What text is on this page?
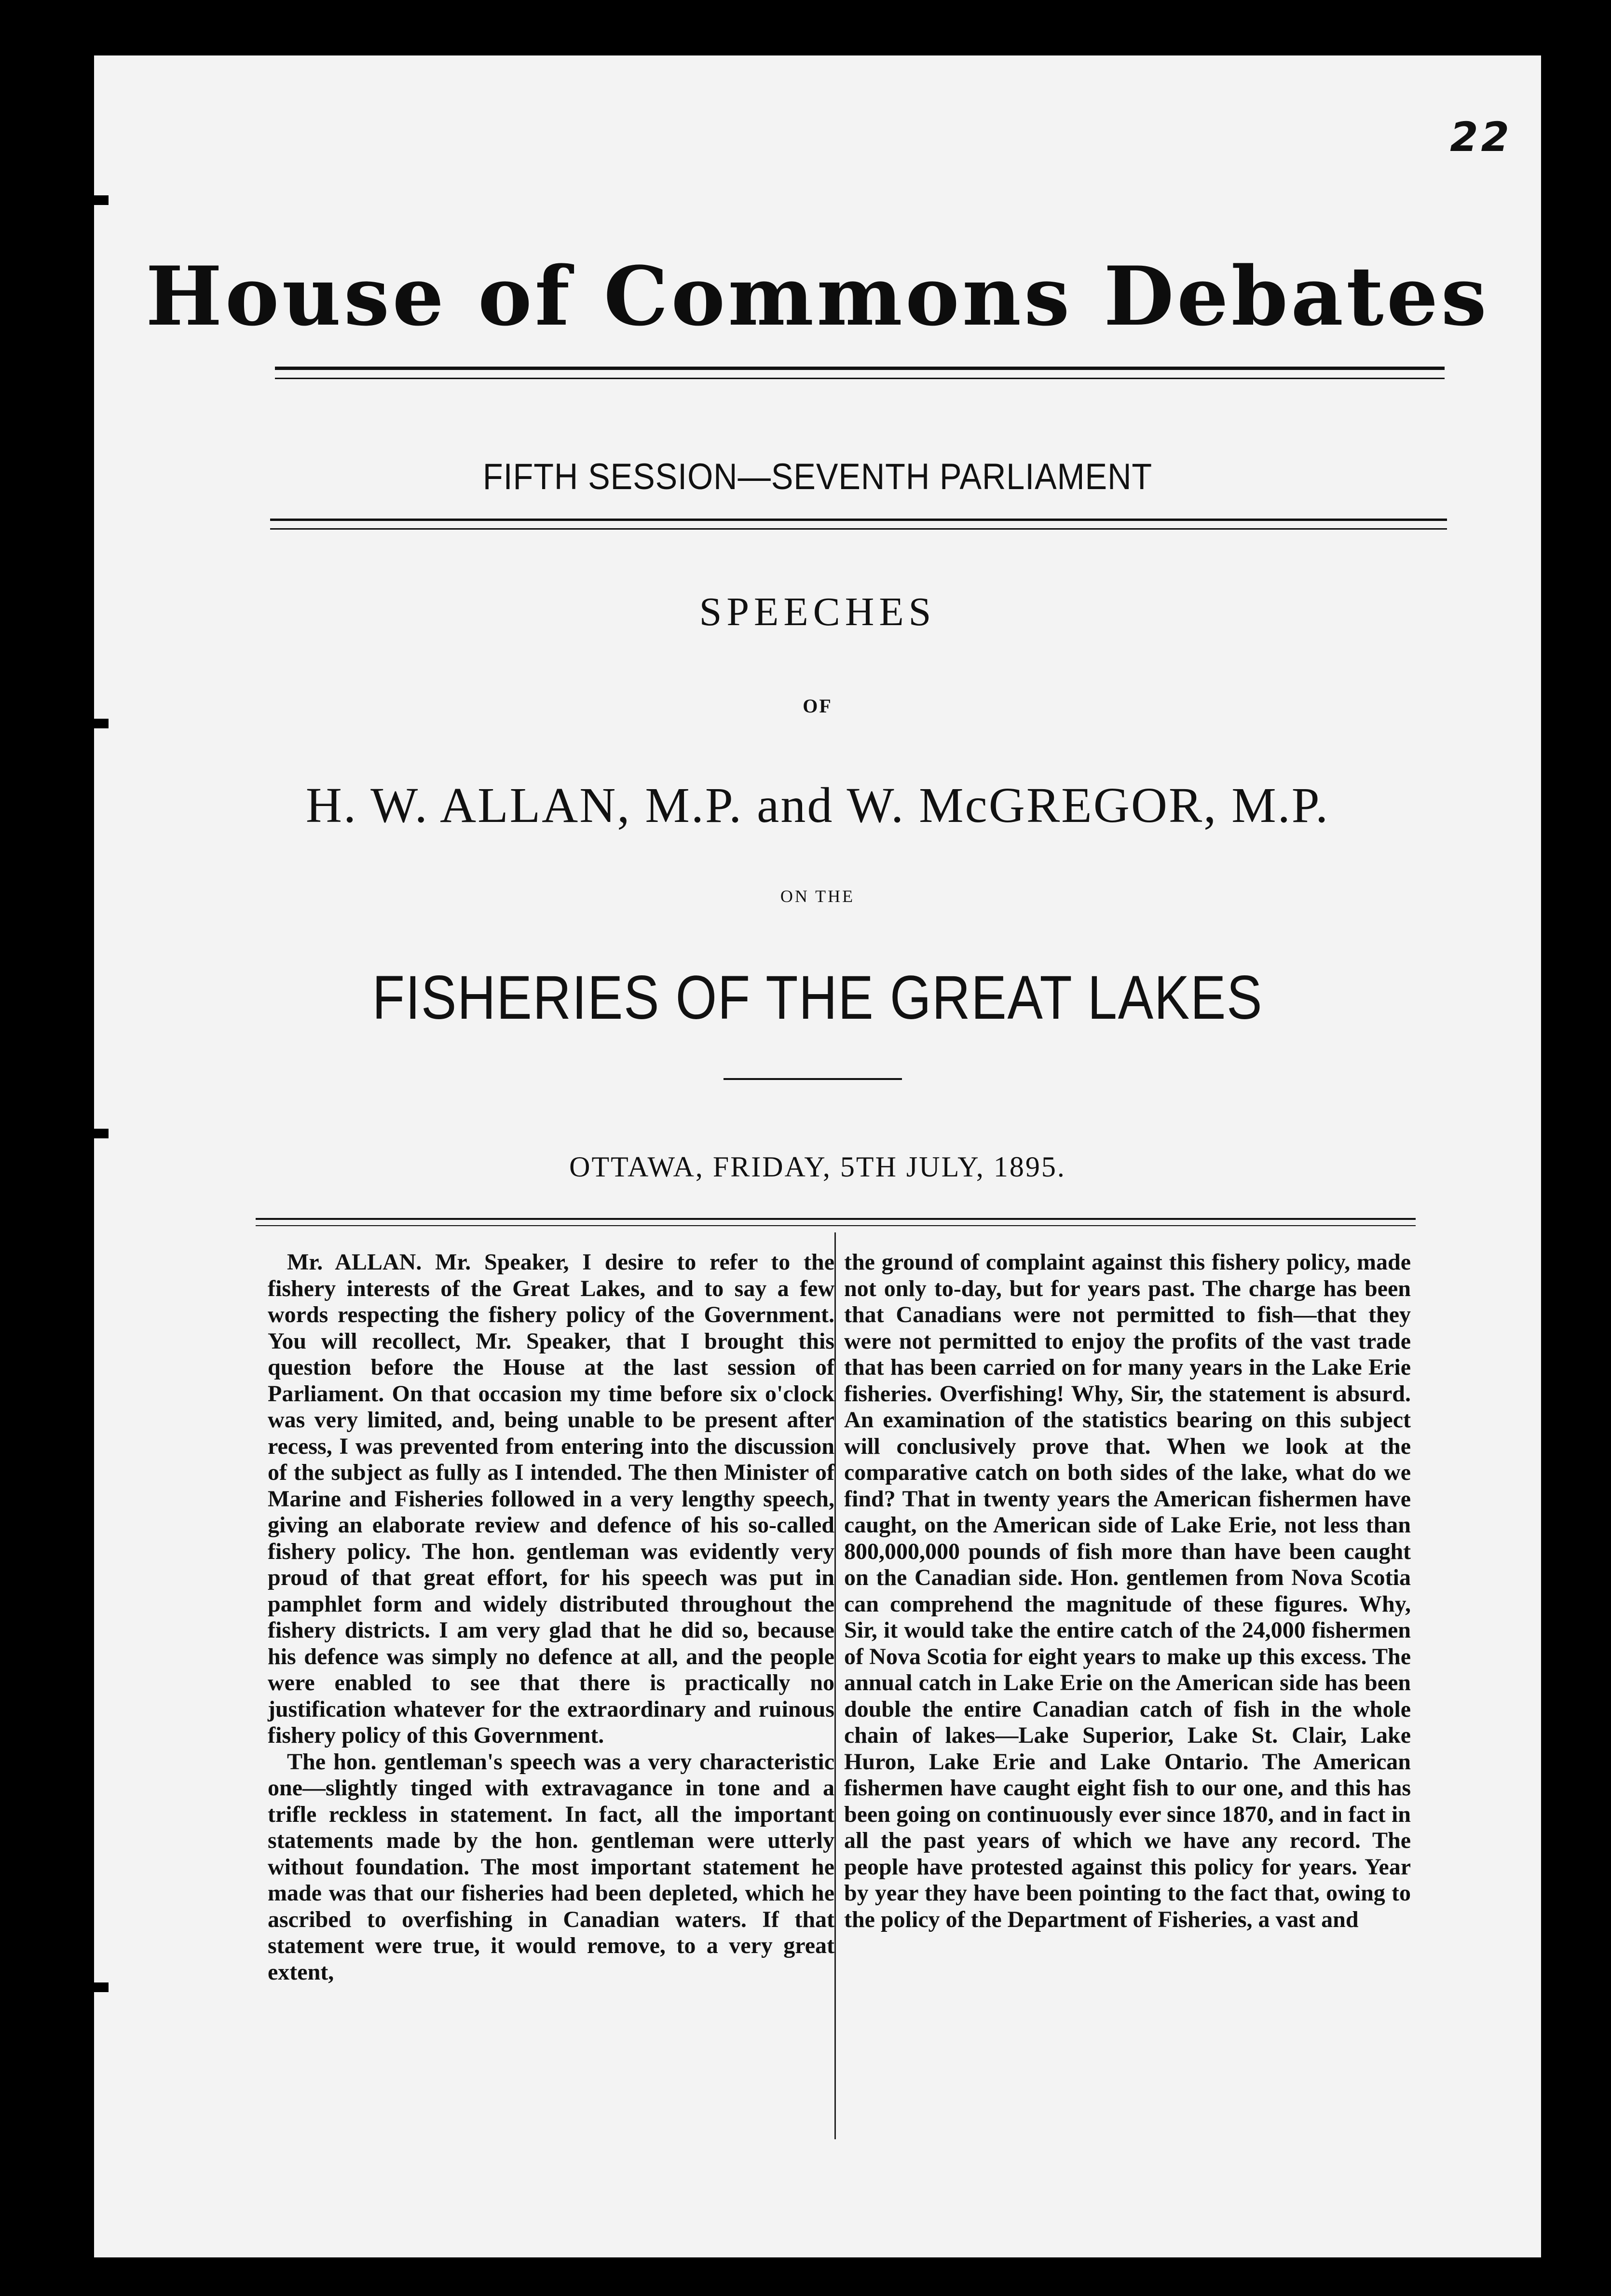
22
House of Commons Debates
FIFTH SESSION—SEVENTH PARLIAMENT
SPEECHES
OF
H. W. ALLAN, M.P. and W. McGREGOR, M.P.
ON THE
FISHERIES OF THE GREAT LAKES
OTTAWA, FRIDAY, 5TH JULY, 1895.

Mr. ALLAN. Mr. Speaker, I desire to refer to the fishery interests of the Great Lakes, and to say a few words respecting the fishery policy of the Government. You will recollect, Mr. Speaker, that I brought this question before the House at the last session of Parliament. On that occasion my time before six o'clock was very limited, and, being unable to be present after recess, I was prevented from entering into the discussion of the subject as fully as I intended. The then Minister of Marine and Fisheries followed in a very lengthy speech, giving an elaborate review and defence of his so-called fishery policy. The hon. gentleman was evidently very proud of that great effort, for his speech was put in pamphlet form and widely distributed throughout the fishery districts. I am very glad that he did so, because his defence was simply no defence at all, and the people were enabled to see that there is practically no justification whatever for the extraordinary and ruinous fishery policy of this Government.

The hon. gentleman's speech was a very characteristic one—slightly tinged with extravagance in tone and a trifle reckless in statement. In fact, all the important statements made by the hon. gentleman were utterly without foundation. The most important statement he made was that our fisheries had been depleted, which he ascribed to overfishing in Canadian waters. If that statement were true, it would remove, to a very great extent,

the ground of complaint against this fishery policy, made not only to-day, but for years past. The charge has been that Canadians were not permitted to fish—that they were not permitted to enjoy the profits of the vast trade that has been carried on for many years in the Lake Erie fisheries. Overfishing! Why, Sir, the statement is absurd. An examination of the statistics bearing on this subject will conclusively prove that. When we look at the comparative catch on both sides of the lake, what do we find? That in twenty years the American fishermen have caught, on the American side of Lake Erie, not less than 800,000,000 pounds of fish more than have been caught on the Canadian side. Hon. gentlemen from Nova Scotia can comprehend the magnitude of these figures. Why, Sir, it would take the entire catch of the 24,000 fishermen of Nova Scotia for eight years to make up this excess. The annual catch in Lake Erie on the American side has been double the entire Canadian catch of fish in the whole chain of lakes—Lake Superior, Lake St. Clair, Lake Huron, Lake Erie and Lake Ontario. The American fishermen have caught eight fish to our one, and this has been going on continuously ever since 1870, and in fact in all the past years of which we have any record. The people have protested against this policy for years. Year by year they have been pointing to the fact that, owing to the policy of the Department of Fisheries, a vast and
